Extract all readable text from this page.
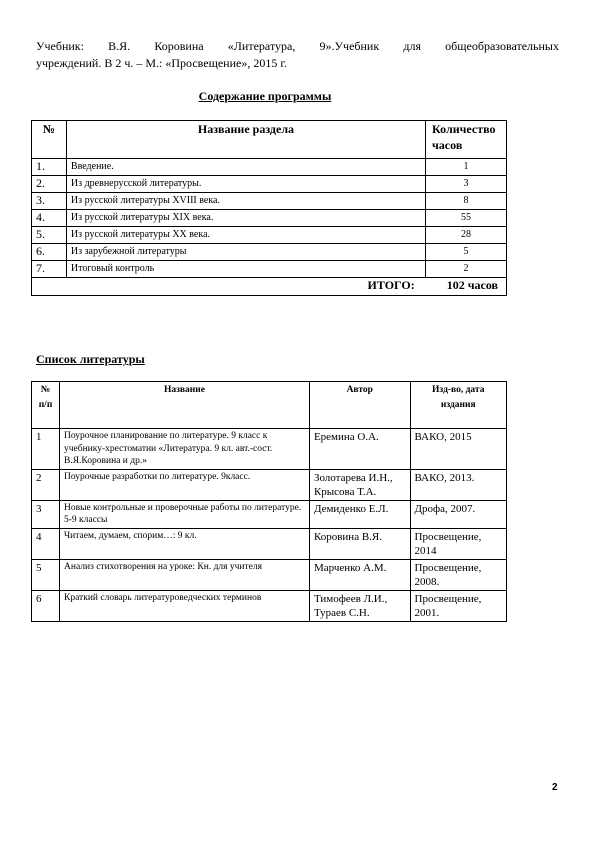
Учебник: В.Я. Коровина «Литература, 9».Учебник для общеобразовательных
учреждений. В 2 ч. – М.: «Просвещение», 2015 г.
Содержание программы
№	Название раздела	Количество часов
1.	Введение.	1
2.	Из древнерусской литературы.	3
3.	Из русской литературы XVIII века.	8
4.	Из русской литературы XIX века.	55
5.	Из русской литературы XX века.	28
6.	Из зарубежной литературы	5
7.	Итоговый контроль	2
ИТОГО: 102 часов		
Список литературы
№ п/п	Название	Автор	Изд-во, дата издания
1	Поурочное планирование по литературе. 9 класс к учебнику-хрестоматии «Литература. 9 кл. авт.-сост. В.Я.Коровина и др.»	Еремина О.А.	ВАКО, 2015
2	Поурочные разработки по литературе. 9класс.	Золотарева И.Н., Крысова Т.А.	ВАКО, 2013.
3	Новые контрольные и проверочные работы по литературе. 5-9 классы	Демиденко Е.Л.	Дрофа, 2007.
4	Читаем, думаем, спорим…: 9 кл.	Коровина В.Я.	Просвещение, 2014
5	Анализ стихотворения на уроке: Кн. для учителя	Марченко А.М.	Просвещение, 2008.
6	Краткий словарь литературоведческих терминов	Тимофеев Л.И., Тураев С.Н.	Просвещение, 2001.
2
